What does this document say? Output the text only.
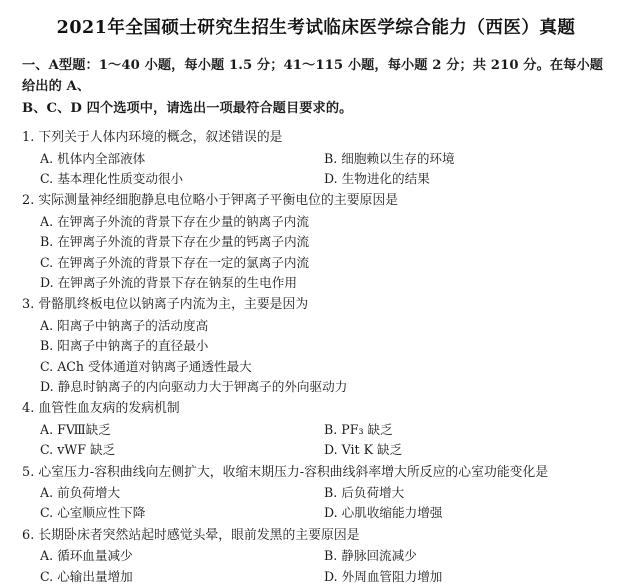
2021年全国硕士研究生招生考试临床医学综合能力（西医）真题
一、A型题：1～40 小题，每小题 1.5 分；41～115 小题，每小题 2 分；共 210 分。在每小题给出的 A、
B、C、D 四个选项中，请选出一项最符合题目要求的。
1. 下列关于人体内环境的概念，叙述错误的是
A. 机体内全部液体	B. 细胞赖以生存的环境
C. 基本理化性质变动很小	D. 生物进化的结果
2. 实际测量神经细胞静息电位略小于钾离子平衡电位的主要原因是
A. 在钾离子外流的背景下存在少量的钠离子内流
B. 在钾离子外流的背景下存在少量的钙离子内流
C. 在钾离子外流的背景下存在一定的氯离子内流
D. 在钾离子外流的背景下存在钠泵的生电作用
3. 骨骼肌终板电位以钠离子内流为主，主要是因为
A. 阳离子中钠离子的活动度高
B. 阳离子中钠离子的直径最小
C. ACh 受体通道对钠离子通透性最大
D. 静息时钠离子的内向驱动力大于钾离子的外向驱动力
4. 血管性血友病的发病机制
A. FⅧ缺乏	B. PF₃ 缺乏
C. vWF 缺乏	D. Vit K 缺乏
5. 心室压力-容积曲线向左侧扩大，收缩末期压力-容积曲线斜率增大所反应的心室功能变化是
A. 前负荷增大	B. 后负荷增大
C. 心室顺应性下降	D. 心肌收缩能力增强
6. 长期卧床者突然站起时感觉头晕，眼前发黑的主要原因是
A. 循环血量减少	B. 静脉回流减少
C. 心输出量增加	D. 外周血管阻力增加
